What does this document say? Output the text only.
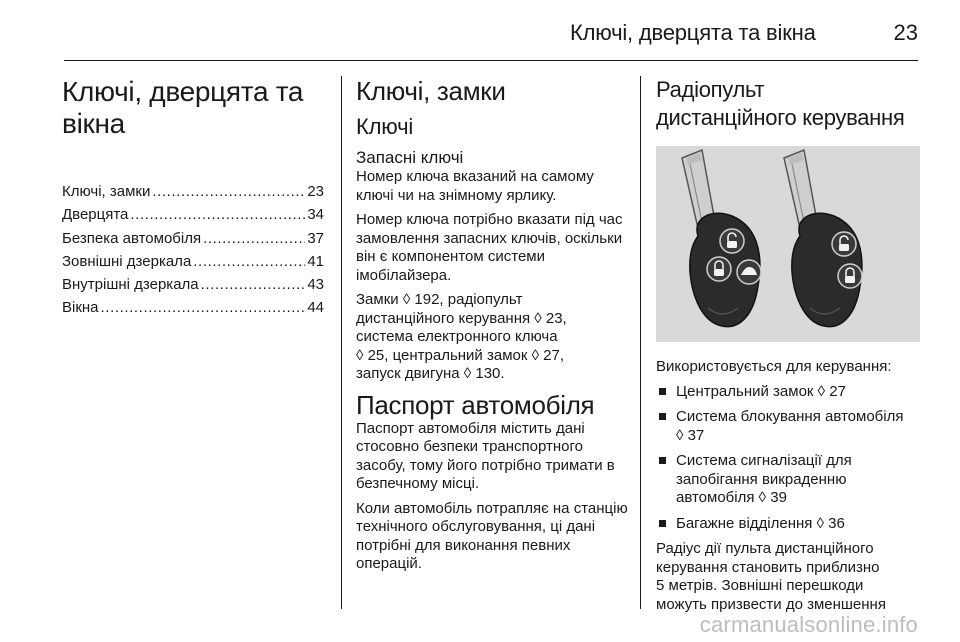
Ключі, дверцята та вікна	23
Ключі, дверцята та
вікна
Ключі, замки .....	23
Дверцята .....	34
Безпека автомобіля .....	37
Зовнішні дзеркала .....	41
Внутрішні дзеркала .....	43
Вікна .....	44
Ключі, замки
Ключі
Запасні ключі

Номер ключа вказаний на самому ключі чи на знімному ярлику.

Номер ключа потрібно вказати під час замовлення запасних ключів, оскільки він є компонентом системи імобілайзера.

Замки ◊ 192, радіопульт
дистанційного керування ◊ 23,
система електронного ключа
◊ 25, центральний замок ◊ 27,
запуск двигуна ◊ 130.

Паспорт автомобіля

Паспорт автомобіля містить дані стосовно безпеки транспортного засобу, тому його потрібно тримати в безпечному місці.

Коли автомобіль потрапляє на станцію технічного обслуговування, ці дані потрібні для виконання певних операцій.

Радіопульт
дистанційного керування

Використовується для керування:

Центральний замок ◊ 27
Система блокування автомобіля
◊ 37
Система сигналізації для
запобігання викраденню
автомобіля ◊ 39
Багажне відділення ◊ 36

Радіус дії пульта дистанційного
керування становить приблизно
5 метрів. Зовнішні перешкоди
можуть призвести до зменшення

carmanualsonline.info
